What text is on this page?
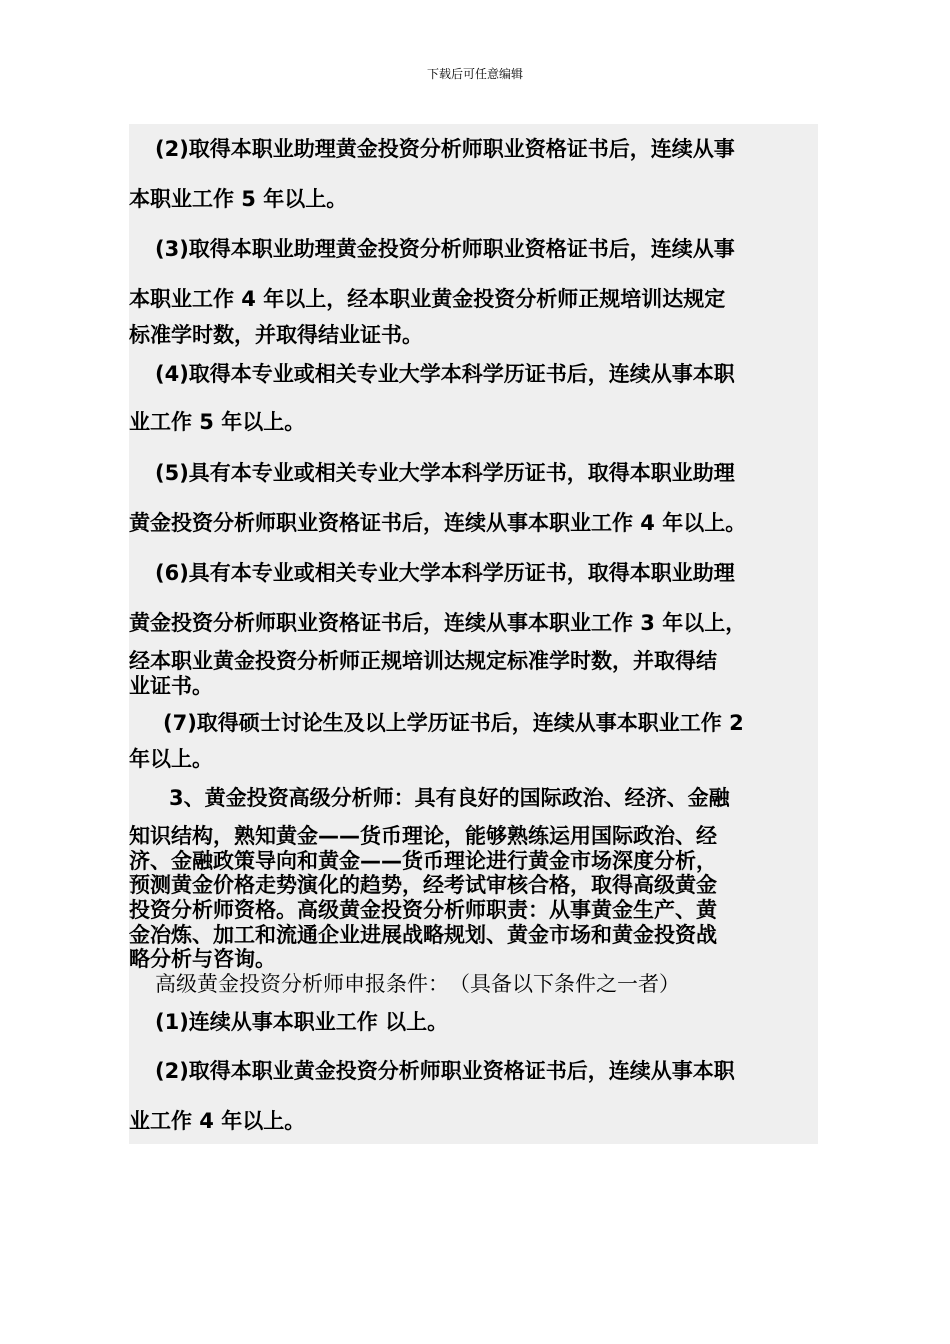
下载后可任意编辑
(2)取得本职业助理黄金投资分析师职业资格证书后，连续从事
本职业工作 5 年以上。
(3)取得本职业助理黄金投资分析师职业资格证书后，连续从事
本职业工作 4 年以上，经本职业黄金投资分析师正规培训达规定
标准学时数，并取得结业证书。
(4)取得本专业或相关专业大学本科学历证书后，连续从事本职
业工作 5 年以上。
(5)具有本专业或相关专业大学本科学历证书，取得本职业助理
黄金投资分析师职业资格证书后，连续从事本职业工作 4 年以上。
(6)具有本专业或相关专业大学本科学历证书，取得本职业助理
黄金投资分析师职业资格证书后，连续从事本职业工作 3 年以上，
经本职业黄金投资分析师正规培训达规定标准学时数，并取得结
业证书。
(7)取得硕士讨论生及以上学历证书后，连续从事本职业工作 2
年以上。
3、黄金投资高级分析师：具有良好的国际政治、经济、金融
知识结构，熟知黄金——货币理论，能够熟练运用国际政治、经
济、金融政策导向和黄金——货币理论进行黄金市场深度分析，
预测黄金价格走势演化的趋势，经考试审核合格，取得高级黄金
投资分析师资格。高级黄金投资分析师职责：从事黄金生产、黄
金冶炼、加工和流通企业进展战略规划、黄金市场和黄金投资战
略分析与咨询。
高级黄金投资分析师申报条件：　（具备以下条件之一者）
(1)连续从事本职业工作 以上。
(2)取得本职业黄金投资分析师职业资格证书后，连续从事本职
业工作 4 年以上。
